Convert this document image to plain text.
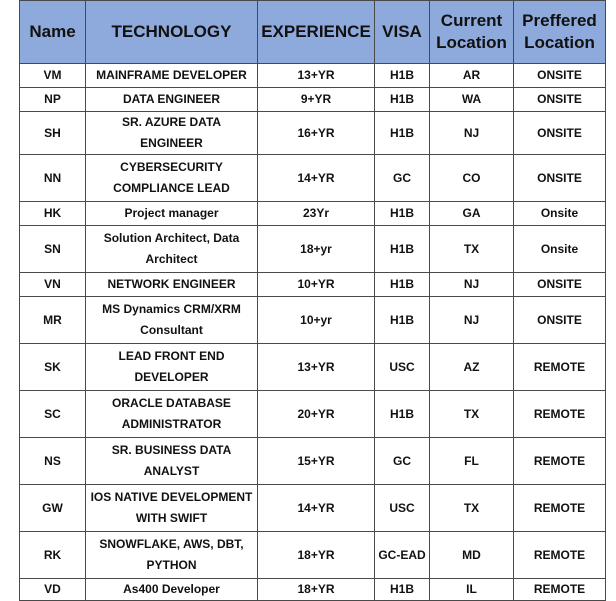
Name	TECHNOLOGY	EXPERIENCE	VISA	Current Location	Preffered Location
VM	MAINFRAME DEVELOPER	13+YR	H1B	AR	ONSITE
NP	DATA ENGINEER	9+YR	H1B	WA	ONSITE
SH	SR. AZURE DATA ENGINEER	16+YR	H1B	NJ	ONSITE
NN	CYBERSECURITY COMPLIANCE LEAD	14+YR	GC	CO	ONSITE
HK	Project manager	23Yr	H1B	GA	Onsite
SN	Solution Architect, Data Architect	18+yr	H1B	TX	Onsite
VN	NETWORK ENGINEER	10+YR	H1B	NJ	ONSITE
MR	MS Dynamics CRM/XRM Consultant	10+yr	H1B	NJ	ONSITE
SK	LEAD FRONT END DEVELOPER	13+YR	USC	AZ	REMOTE
SC	ORACLE DATABASE ADMINISTRATOR	20+YR	H1B	TX	REMOTE
NS	SR. BUSINESS DATA ANALYST	15+YR	GC	FL	REMOTE
GW	IOS NATIVE DEVELOPMENT WITH SWIFT	14+YR	USC	TX	REMOTE
RK	SNOWFLAKE, AWS, DBT, PYTHON	18+YR	GC-EAD	MD	REMOTE
VD	As400 Developer	18+YR	H1B	IL	REMOTE
